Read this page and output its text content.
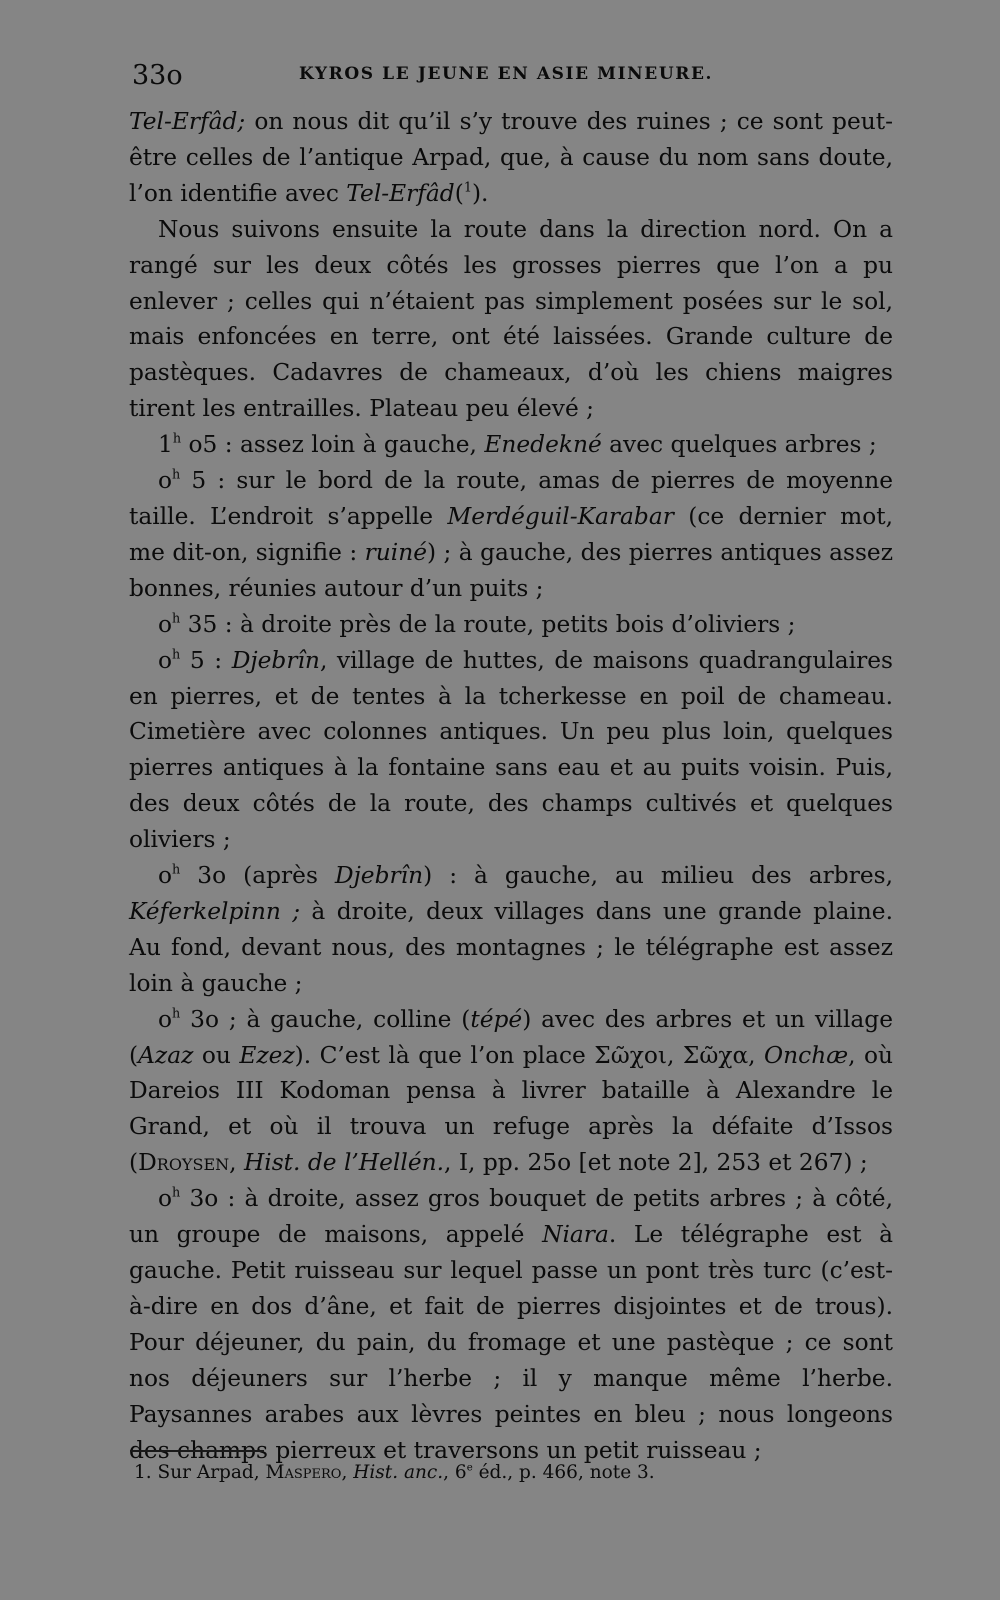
33o	KYROS LE JEUNE EN ASIE MINEURE.

Tel-Erfâd; on nous dit qu’il s’y trouve des ruines ; ce sont peut-être celles de l’antique Arpad, que, à cause du nom sans doute, l’on identifie avec Tel-Erfâd($^1$).

Nous suivons ensuite la route dans la direction nord. On a rangé sur les deux côtés les grosses pierres que l’on a pu enlever ; celles qui n’étaient pas simplement posées sur le sol, mais enfoncées en terre, ont été laissées. Grande culture de pastèques. Cadavres de chameaux, d’où les chiens maigres tirent les entrailles. Plateau peu élevé ;

1$^h$ o5 : assez loin à gauche, Enedekné avec quelques arbres ;

$o^h$ 5 : sur le bord de la route, amas de pierres de moyenne taille. L’endroit s’appelle Merdéguil-Karabar (ce dernier mot, me dit-on, signifie : ruiné) ; à gauche, des pierres antiques assez bonnes, réunies autour d’un puits ;

$o^h$ 35 : à droite près de la route, petits bois d’oliviers ;

$o^h$ 5 : Djebrîn, village de huttes, de maisons quadrangulaires en pierres, et de tentes à la tcherkesse en poil de chameau. Cimetière avec colonnes antiques. Un peu plus loin, quelques pierres antiques à la fontaine sans eau et au puits voisin. Puis, des deux côtés de la route, des champs cultivés et quelques oliviers ;

$o^h$ 3o (après Djebrîn) : à gauche, au milieu des arbres, Kéferkelpinn ; à droite, deux villages dans une grande plaine. Au fond, devant nous, des montagnes ; le télégraphe est assez loin à gauche ;

$o^h$ 3o ; à gauche, colline (tépé) avec des arbres et un village (Azaz ou Ezez). C’est là que l’on place Σῶχοι, Σῶχα, Onchæ, où Dareios III Kodoman pensa à livrer bataille à Alexandre le Grand, et où il trouva un refuge après la défaite d’Issos (Droysen, Hist. de l’Hellén., I, pp. 25o [et note 2], 253 et 267) ;

$o^h$ 3o : à droite, assez gros bouquet de petits arbres ; à côté, un groupe de maisons, appelé Niara. Le télégraphe est à gauche. Petit ruisseau sur lequel passe un pont très turc (c’est-à-dire en dos d’âne, et fait de pierres disjointes et de trous). Pour déjeuner, du pain, du fromage et une pastèque ; ce sont nos déjeuners sur l’herbe ; il y manque même l’herbe. Paysannes arabes aux lèvres peintes en bleu ; nous longeons des champs pierreux et traversons un petit ruisseau ;

1. Sur Arpad, Maspero, Hist. anc., 6e éd., p. 466, note 3.
